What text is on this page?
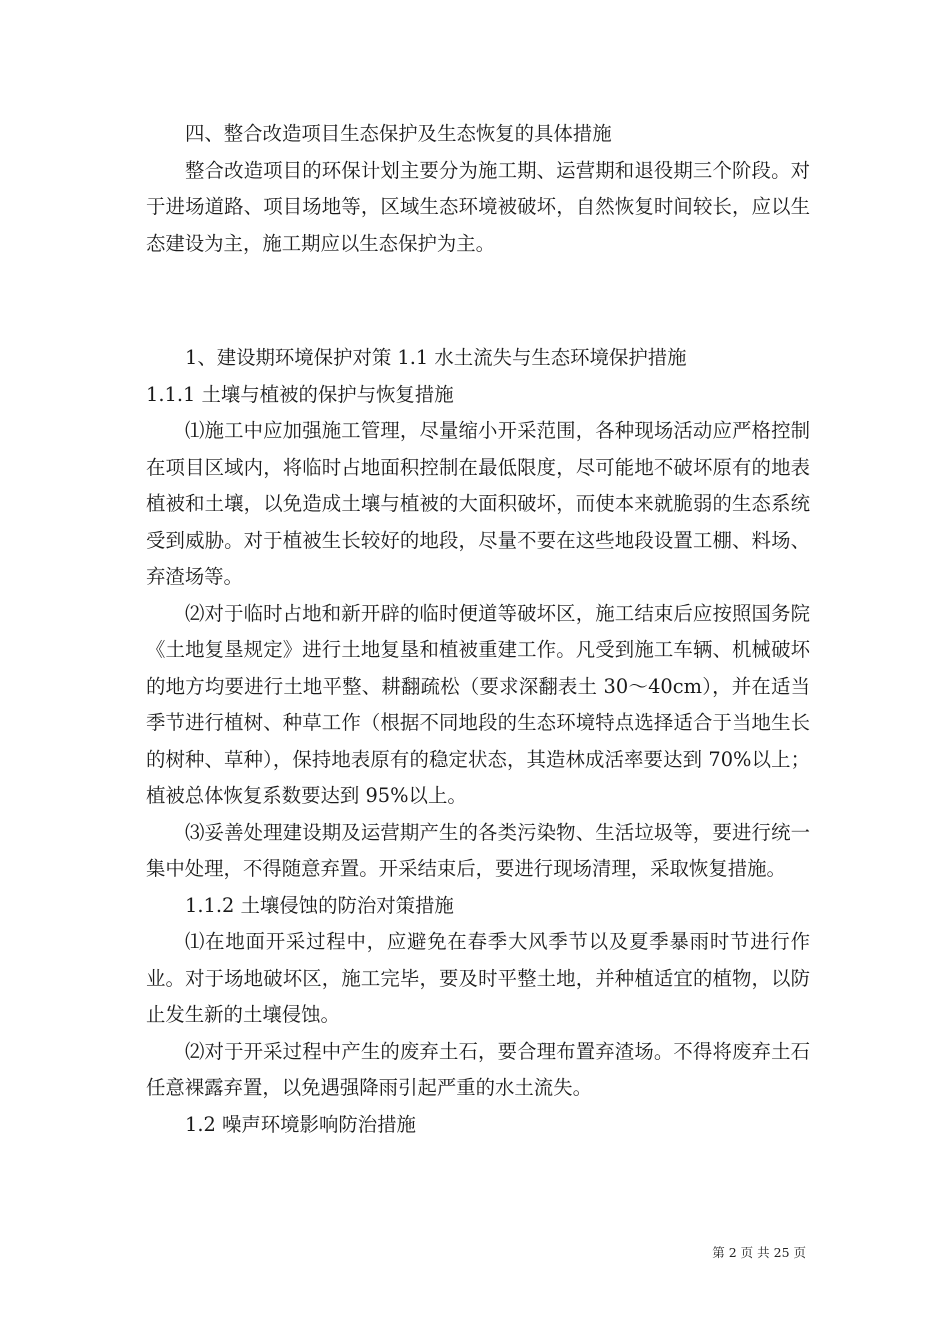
四、整合改造项目生态保护及生态恢复的具体措施

整合改造项目的环保计划主要分为施工期、运营期和退役期三个阶段。对于进场道路、项目场地等，区域生态环境被破坏，自然恢复时间较长，应以生态建设为主，施工期应以生态保护为主。

1、建设期环境保护对策 1.1 水土流失与生态环境保护措施

1.1.1 土壤与植被的保护与恢复措施

⑴施工中应加强施工管理，尽量缩小开采范围，各种现场活动应严格控制在项目区域内，将临时占地面积控制在最低限度，尽可能地不破坏原有的地表植被和土壤，以免造成土壤与植被的大面积破坏，而使本来就脆弱的生态系统受到威胁。对于植被生长较好的地段，尽量不要在这些地段设置工棚、料场、弃渣场等。

⑵对于临时占地和新开辟的临时便道等破坏区，施工结束后应按照国务院《土地复垦规定》进行土地复垦和植被重建工作。凡受到施工车辆、机械破坏的地方均要进行土地平整、耕翻疏松（要求深翻表土 30～40cm），并在适当季节进行植树、种草工作（根据不同地段的生态环境特点选择适合于当地生长的树种、草种），保持地表原有的稳定状态，其造林成活率要达到 70%以上；植被总体恢复系数要达到 95%以上。

⑶妥善处理建设期及运营期产生的各类污染物、生活垃圾等，要进行统一集中处理，不得随意弃置。开采结束后，要进行现场清理，采取恢复措施。

1.1.2 土壤侵蚀的防治对策措施

⑴在地面开采过程中，应避免在春季大风季节以及夏季暴雨时节进行作业。对于场地破坏区，施工完毕，要及时平整土地，并种植适宜的植物，以防止发生新的土壤侵蚀。

⑵对于开采过程中产生的废弃土石，要合理布置弃渣场。不得将废弃土石任意裸露弃置，以免遇强降雨引起严重的水土流失。

1.2 噪声环境影响防治措施

第 2 页 共 25 页
